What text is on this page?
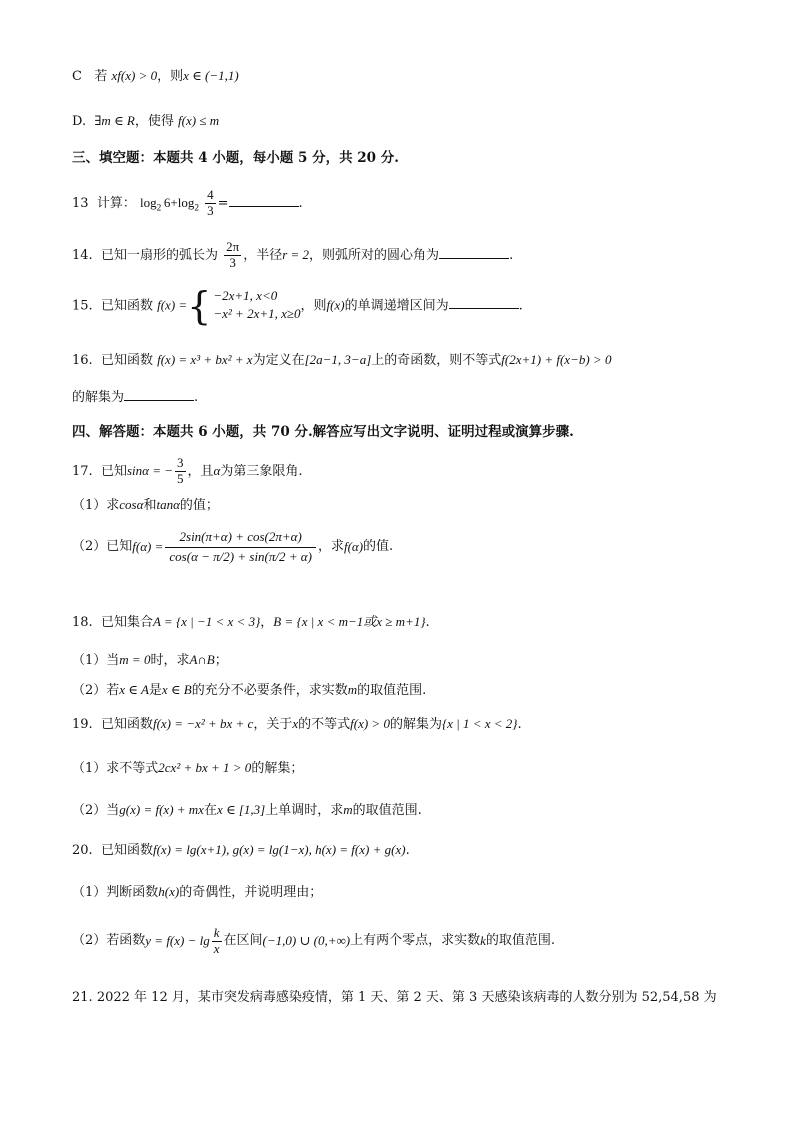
C 若 xf(x) > 0，则x ∈ (−1,1)
D. ∃m ∈ R，使得 f(x) ≤ m
三、填空题：本题共 4 小题，每小题 5 分，共 20 分.
13 计算： $\log_2 6+\log_2 \frac{4}{3}$ =	.
14. 已知一扇形的弧长为 $\frac{2\pi}{3}$ ，半径r = 2，则弧所对的圆心角为	.
15. 已知函数 f(x) ={ −2x+1, x<0
−x² + 2x+1, x≥0 ，则f(x)的单调递增区间为	.
16. 已知函数 f(x) = x³ + bx² + x为定义在[2a−1, 3−a]上的奇函数，则不等式f(2x+1) + f(x−b) > 0
的解集为	.
四、解答题：本题共 6 小题，共 70 分.解答应写出文字说明、证明过程或演算步骤.
17. 已知sinα = − $\frac{3}{5}$ ，且α为第三象限角.
（1）求cosα和tanα的值；
（2）已知$f(\alpha) = \frac{2\sin(\pi+\alpha) + \cos(2\pi+\alpha)}{\cos(\alpha - \pi/2) + \sin(\pi/2 + \alpha)}$ ，求f(α)的值.
18. 已知集合A = {x | −1 < x < 3}，B = {x | x < m−1或x ≥ m+1}.
（1）当m = 0时，求A∩B；
（2）若x ∈ A是x ∈ B的充分不必要条件，求实数m的取值范围.
19. 已知函数f(x) = −x² + bx + c，关于x的不等式f(x) > 0的解集为{x | 1 < x < 2}.
（1）求不等式2cx² + bx + 1 > 0的解集；
（2）当g(x) = f(x) + mx在x ∈ [1,3]上单调时，求m的取值范围.
20. 已知函数f(x) = lg(x+1), g(x) = lg(1−x), h(x) = f(x) + g(x).
（1）判断函数h(x)的奇偶性，并说明理由；
（2）若函数$y = f(x) - \lg \frac{k}{x}$ 在区间(−1,0) ∪ (0,+∞)上有两个零点，求实数k的取值范围.
21. 2022 年 12 月，某市突发病毒感染疫情，第 1 天、第 2 天、第 3 天感染该病毒的人数分别为 52,54,58 为
